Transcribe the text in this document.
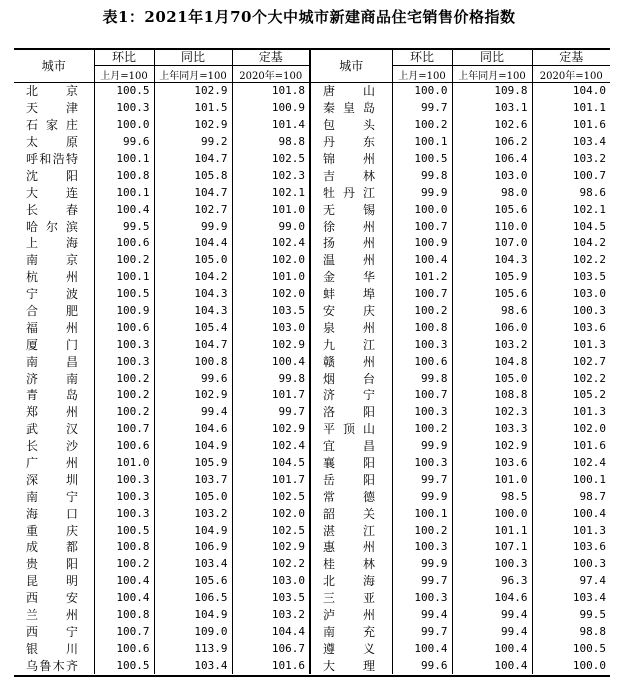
表1：2021年1月70个大中城市新建商品住宅销售价格指数
城市	环比	同比	定基	城市	环比	同比	定基
	上月=100	上年同月=100	2020年=100		上月=100	上年同月=100	2020年=100
北京	100.5	102.9	101.8	唐山	100.0	109.8	104.0
天津	100.3	101.5	100.9	秦皇岛	99.7	103.1	101.1
石家庄	100.0	102.9	101.4	包头	100.2	102.6	101.6
太原	99.6	99.2	98.8	丹东	100.1	106.2	103.4
呼和浩特	100.1	104.7	102.5	锦州	100.5	106.4	103.2
沈阳	100.8	105.8	102.3	吉林	99.8	103.0	100.7
大连	100.1	104.7	102.1	牡丹江	99.9	98.0	98.6
长春	100.4	102.7	101.0	无锡	100.0	105.6	102.1
哈尔滨	99.5	99.9	99.0	徐州	100.7	110.0	104.5
上海	100.6	104.4	102.4	扬州	100.9	107.0	104.2
南京	100.2	105.0	102.0	温州	100.4	104.3	102.2
杭州	100.1	104.2	101.0	金华	101.2	105.9	103.5
宁波	100.5	104.3	102.0	蚌埠	100.7	105.6	103.0
合肥	100.9	104.3	103.5	安庆	100.2	98.6	100.3
福州	100.6	105.4	103.0	泉州	100.8	106.0	103.6
厦门	100.3	104.7	102.9	九江	100.3	103.2	101.3
南昌	100.3	100.8	100.4	赣州	100.6	104.8	102.7
济南	100.2	99.6	99.8	烟台	99.8	105.0	102.2
青岛	100.2	102.9	101.7	济宁	100.7	108.8	105.2
郑州	100.2	99.4	99.7	洛阳	100.3	102.3	101.3
武汉	100.7	104.6	102.9	平顶山	100.2	103.3	102.0
长沙	100.6	104.9	102.4	宜昌	99.9	102.9	101.6
广州	101.0	105.9	104.5	襄阳	100.3	103.6	102.4
深圳	100.3	103.7	101.7	岳阳	99.7	101.0	100.1
南宁	100.3	105.0	102.5	常德	99.9	98.5	98.7
海口	100.3	103.2	102.0	韶关	100.1	100.0	100.4
重庆	100.5	104.9	102.5	湛江	100.2	101.1	101.3
成都	100.8	106.9	102.9	惠州	100.3	107.1	103.6
贵阳	100.2	103.4	102.2	桂林	99.9	100.3	100.3
昆明	100.4	105.6	103.0	北海	99.7	96.3	97.4
西安	100.4	106.5	103.5	三亚	100.3	104.6	103.4
兰州	100.8	104.9	103.2	泸州	99.4	99.4	99.5
西宁	100.7	109.0	104.4	南充	99.7	99.4	98.8
银川	100.6	113.9	106.7	遵义	100.4	100.4	100.5
乌鲁木齐	100.5	103.4	101.6	大理	99.6	100.4	100.0
